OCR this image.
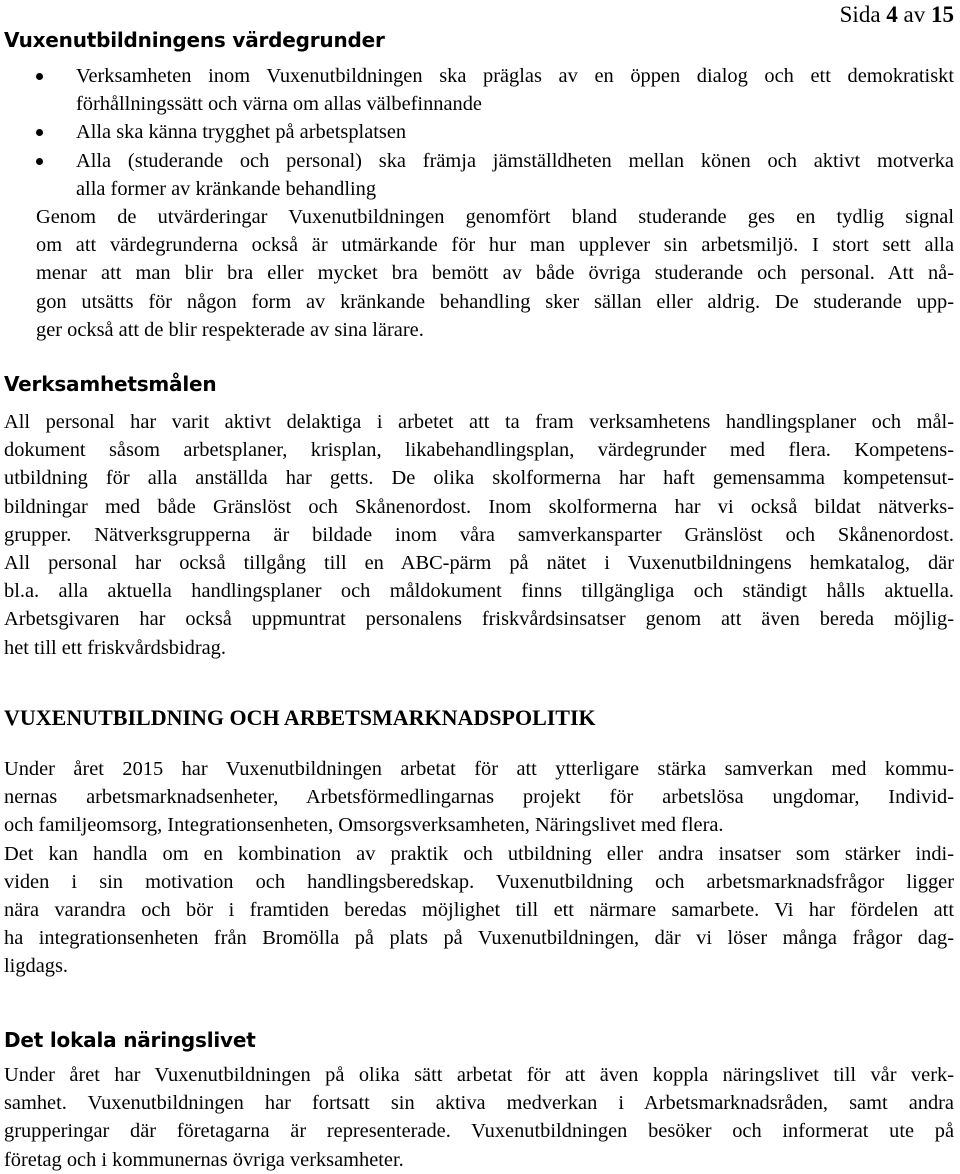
Sida 4 av 15

Vuxenutbildningens värdegrunder
Verksamheten inom Vuxenutbildningen ska präglas av en öppen dialog och ett demokratiskt
förhållningssätt och värna om allas välbefinnande
Alla ska känna trygghet på arbetsplatsen
Alla (studerande och personal) ska främja jämställdheten mellan könen och aktivt motverka
alla former av kränkande behandling

Genom de utvärderingar Vuxenutbildningen genomfört bland studerande ges en tydlig signal
om att värdegrunderna också är utmärkande för hur man upplever sin arbetsmiljö. I stort sett alla
menar att man blir bra eller mycket bra bemött av både övriga studerande och personal. Att nå-
gon utsätts för någon form av kränkande behandling sker sällan eller aldrig. De studerande upp-
ger också att de blir respekterade av sina lärare.

Verksamhetsmålen

All personal har varit aktivt delaktiga i arbetet att ta fram verksamhetens handlingsplaner och mål-
dokument såsom arbetsplaner, krisplan, likabehandlingsplan, värdegrunder med flera. Kompetens-
utbildning för alla anställda har getts. De olika skolformerna har haft gemensamma kompetensut-
bildningar med både Gränslöst och Skånenordost. Inom skolformerna har vi också bildat nätverks-
grupper. Nätverksgrupperna är bildade inom våra samverkansparter Gränslöst och Skånenordost.
All personal har också tillgång till en ABC-pärm på nätet i Vuxenutbildningens hemkatalog, där
bl.a. alla aktuella handlingsplaner och måldokument finns tillgängliga och ständigt hålls aktuella.
Arbetsgivaren har också uppmuntrat personalens friskvårdsinsatser genom att även bereda möjlig-
het till ett friskvårdsbidrag.

VUXENUTBILDNING OCH ARBETSMARKNADSPOLITIK

Under året 2015 har Vuxenutbildningen arbetat för att ytterligare stärka samverkan med kommu-
nernas arbetsmarknadsenheter, Arbetsförmedlingarnas projekt för arbetslösa ungdomar, Individ-
och familjeomsorg, Integrationsenheten, Omsorgsverksamheten, Näringslivet med flera.
Det kan handla om en kombination av praktik och utbildning eller andra insatser som stärker indi-
viden i sin motivation och handlingsberedskap. Vuxenutbildning och arbetsmarknadsfrågor ligger
nära varandra och bör i framtiden beredas möjlighet till ett närmare samarbete. Vi har fördelen att
ha integrationsenheten från Bromölla på plats på Vuxenutbildningen, där vi löser många frågor dag-
ligdags.

Det lokala näringslivet

Under året har Vuxenutbildningen på olika sätt arbetat för att även koppla näringslivet till vår verk-
samhet. Vuxenutbildningen har fortsatt sin aktiva medverkan i Arbetsmarknadsråden, samt andra
grupperingar där företagarna är representerade. Vuxenutbildningen besöker och informerat ute på
företag och i kommunernas övriga verksamheter.
